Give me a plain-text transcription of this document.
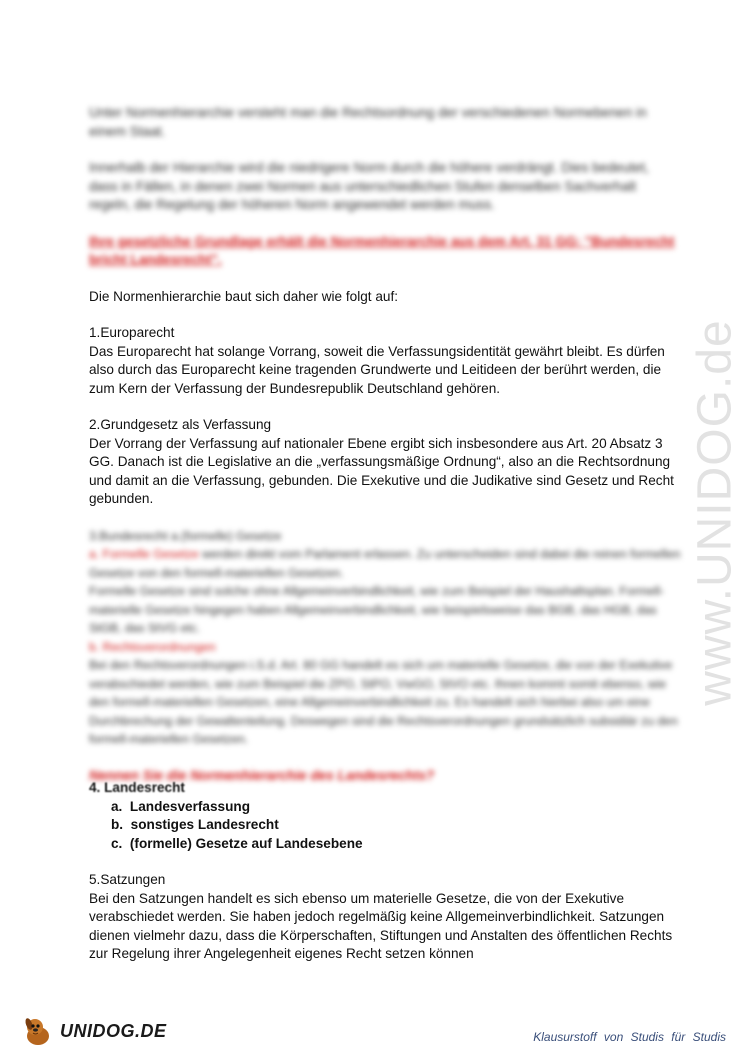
www.UNIDOG.de

Unter Normenhierarchie versteht man die Rechtsordnung der verschiedenen Normebenen in einem Staat.

Innerhalb der Hierarchie wird die niedrigere Norm durch die höhere verdrängt. Dies bedeutet, dass in Fällen, in denen zwei Normen aus unterschiedlichen Stufen denselben Sachverhalt regeln, die Regelung der höheren Norm angewendet werden muss.

Ihre gesetzliche Grundlage erhält die Normenhierarchie aus dem Art. 31 GG: "Bundesrecht bricht Landesrecht".

Die Normenhierarchie baut sich daher wie folgt auf:

1.Europarecht

Das Europarecht hat solange Vorrang, soweit die Verfassungsidentität gewährt bleibt. Es dürfen also durch das Europarecht keine tragenden Grundwerte und Leitideen der berührt werden, die zum Kern der Verfassung der Bundesrepublik Deutschland gehören.

2.Grundgesetz als Verfassung

Der Vorrang der Verfassung auf nationaler Ebene ergibt sich insbesondere aus Art. 20 Absatz 3 GG. Danach ist die Legislative an die „verfassungsmäßige Ordnung“, also an die Rechtsordnung und damit an die Verfassung, gebunden. Die Exekutive und die Judikative sind Gesetz und Recht gebunden.

3.Bundesrecht a.(formelle) Gesetze

a. Formelle Gesetze werden direkt vom Parlament erlassen. Zu unterscheiden sind dabei die reinen formellen Gesetze von den formell-materiellen Gesetzen.

Formelle Gesetze sind solche ohne Allgemeinverbindlichkeit, wie zum Beispiel der Haushaltsplan. Formell-materielle Gesetze hingegen haben Allgemeinverbindlichkeit, wie beispielsweise das BGB, das HGB, das StGB, das StVG etc.

b. Rechtsverordnungen

Bei den Rechtsverordnungen i.S.d. Art. 80 GG handelt es sich um materielle Gesetze, die von der Exekutive verabschiedet werden, wie zum Beispiel die ZPO, StPO, VwGO, StVO etc. Ihnen kommt somit ebenso, wie den formell-materiellen Gesetzen, eine Allgemeinverbindlichkeit zu. Es handelt sich hierbei also um eine Durchbrechung der Gewaltenteilung. Deswegen sind die Rechtsverordnungen grundsätzlich subsidiär zu den formell-materiellen Gesetzen.

Nennen Sie die Normenhierarchie des Landesrechts?

4. Landesrecht

a. Landesverfassung
b. sonstiges Landesrecht
c. (formelle) Gesetze auf Landesebene

5.Satzungen

Bei den Satzungen handelt es sich ebenso um materielle Gesetze, die von der Exekutive verabschiedet werden. Sie haben jedoch regelmäßig keine Allgemeinverbindlichkeit. Satzungen dienen vielmehr dazu, dass die Körperschaften, Stiftungen und Anstalten des öffentlichen Rechts zur Regelung ihrer Angelegenheit eigenes Recht setzen können

UNIDOG.DE	Klausurstoff von Studis für Studis
